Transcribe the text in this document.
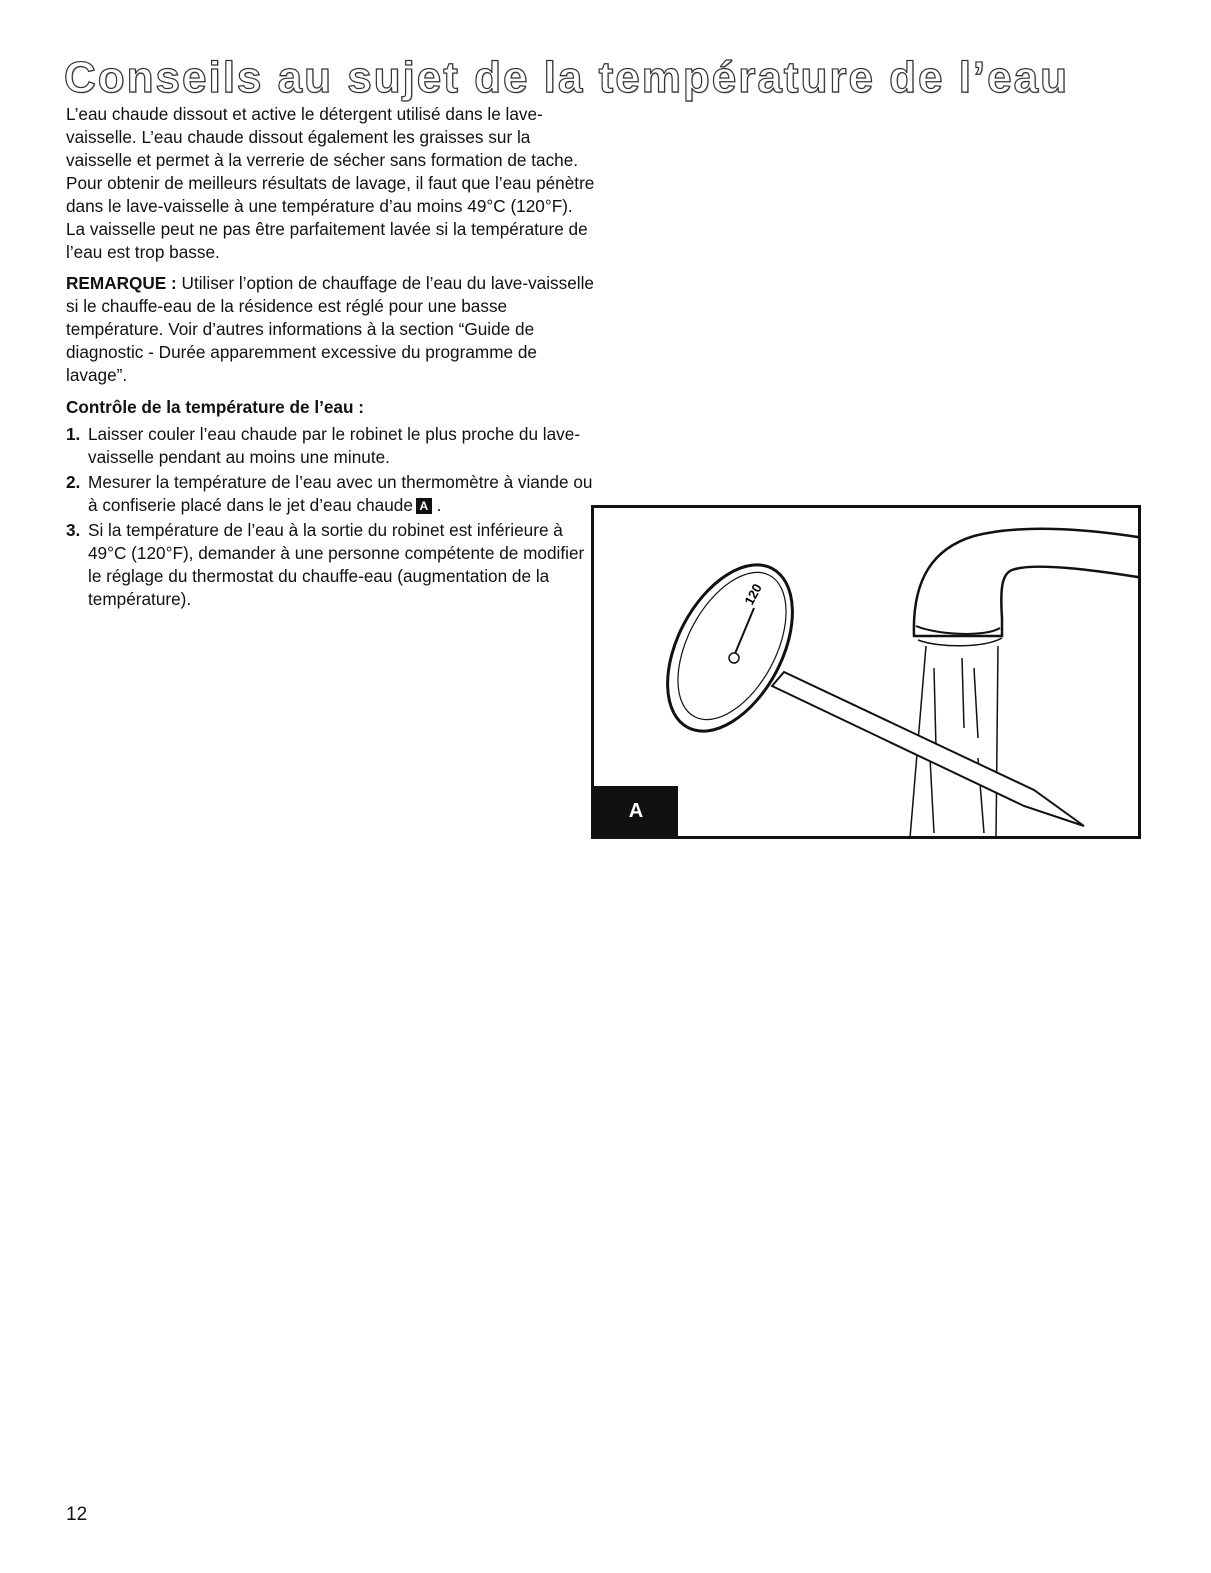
Conseils au sujet de la température de l’eau

L’eau chaude dissout et active le détergent utilisé dans le lave-vaisselle. L’eau chaude dissout également les graisses sur la vaisselle et permet à la verrerie de sécher sans formation de tache. Pour obtenir de meilleurs résultats de lavage, il faut que l’eau pénètre dans le lave-vaisselle à une température d’au moins 49°C (120°F).

La vaisselle peut ne pas être parfaitement lavée si la température de l’eau est trop basse.

REMARQUE : Utiliser l’option de chauffage de l’eau du lave-vaisselle si le chauffe-eau de la résidence est réglé pour une basse température. Voir d’autres informations à la section “Guide de diagnostic - Durée apparemment excessive du programme de lavage”.

Contrôle de la température de l’eau :

1. Laisser couler l’eau chaude par le robinet le plus proche du lave-vaisselle pendant au moins une minute.
2. Mesurer la température de l’eau avec un thermomètre à viande ou à confiserie placé dans le jet d’eau chaude A .
3. Si la température de l’eau à la sortie du robinet est inférieure à 49°C (120°F), demander à une personne compétente de modifier le réglage du thermostat du chauffe-eau (augmentation de la température).	120
A
12
